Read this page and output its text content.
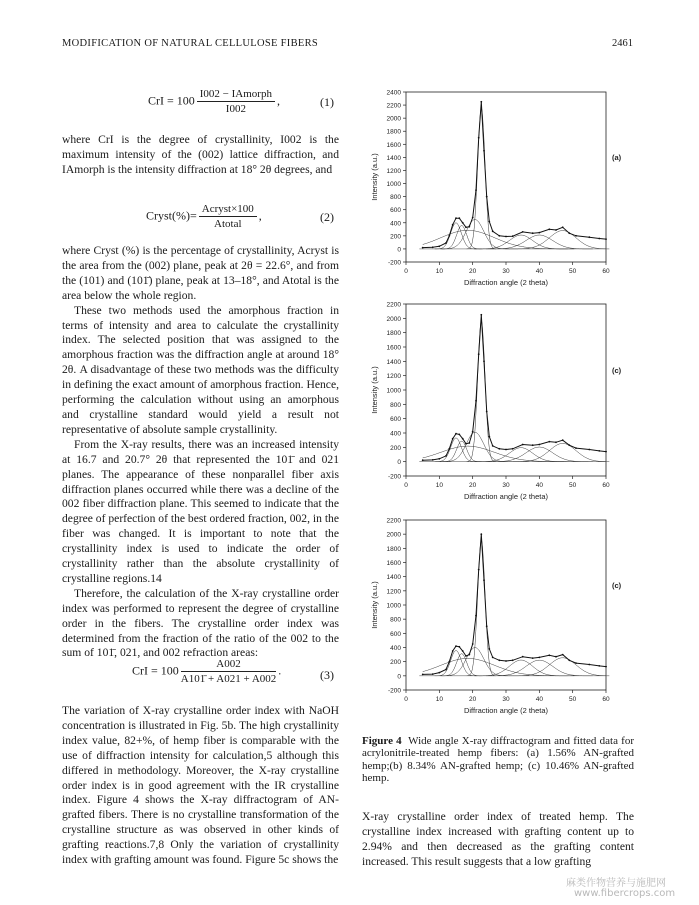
MODIFICATION OF NATURAL CELLULOSE FIBERS	2461
CrI = $100 \frac{\text{I002 − IAmorph}}{I002}$ ,	(1)

where CrI is the degree of crystallinity, I002 is the maximum intensity of the (002) lattice diffraction, and IAmorph is the intensity diffraction at 18° 2θ degrees, and

Cryst(%)= $\frac{\text{Acryst×100}}{\text{Atotal}}$ ,	(2)

where Cryst (%) is the percentage of crystallinity, Acryst is the area from the (002) plane, peak at 2θ = 22.6°, and from the (101) and (101̄) plane, peak at 13–18°, and Atotal is the area below the whole region.

These two methods used the amorphous fraction in terms of intensity and area to calculate the crystallinity index. The selected position that was assigned to the amorphous fraction was the diffraction angle at around 18° 2θ. A disadvantage of these two methods was the difficulty in defining the exact amount of amorphous fraction. Hence, performing the calculation without using an amorphous and crystalline standard would yield a result not representative of absolute sample crystallinity.

From the X-ray results, there was an increased intensity at 16.7 and 20.7° 2θ that represented the 101̄ and 021 planes. The appearance of these nonparallel fiber axis diffraction planes occurred while there was a decline of the 002 fiber diffraction plane. This seemed to indicate that the degree of perfection of the best ordered fraction, 002, in the fiber was changed. It is important to note that the crystallinity index is used to indicate the order of crystallinity rather than the absolute crystallinity of crystalline regions.14

Therefore, the calculation of the X-ray crystalline order index was performed to represent the degree of crystalline order in the fibers. The crystalline order index was determined from the fraction of the ratio of the 002 to the sum of 101̄, 021, and 002 refraction areas:

CrI = $100 \frac{A002}{A101̄ + A021 + A002}$ .	(3)

The variation of X-ray crystalline order index with NaOH concentration is illustrated in Fig. 5b. The high crystallinity index value, 82+%, of hemp fiber is comparable with the use of diffraction intensity for calculation,5 although this differed in methodology. Moreover, the X-ray crystalline order index is in good agreement with the IR crystalline index. Figure 4 shows the X-ray diffractogram of AN-grafted fibers. There is no crystalline transformation of the crystalline structure as was observed in other kinds of grafting reactions.7,8 Only the variation of crystallinity index with grafting amount was found. Figure 5c shows the

-200
0
200
400
600
800
1000
1200
1400
1600
1800
2000
2200
2400
0	10	20	30	40	50	60
Diffraction angle (2 theta)
Intensity (a.u.)	(a)
-200
0
200
400
600
800
1000
1200
1400
1600
1800
2000
2200
0	10	20	30	40	50	60
Diffraction angle (2 theta)
Intensity (a.u.)	(c)
-200
0
200
400
600
800
1000
1200
1400
1600
1800
2000
2200
0	10	20	30	40	50	60
Diffraction angle (2 theta)
Intensity (a.u.)	(c)
Figure 4 Wide angle X-ray diffractogram and fitted data for acrylonitrile-treated hemp fibers: (a) 1.56% AN-grafted hemp;(b) 8.34% AN-grafted hemp; (c) 10.46% AN-grafted hemp.

X-ray crystalline order index of treated hemp. The crystalline index increased with grafting content up to 2.94% and then decreased as the grafting content increased. This result suggests that a low grafting

麻类作物营养与施肥网
www.fibercrops.com
